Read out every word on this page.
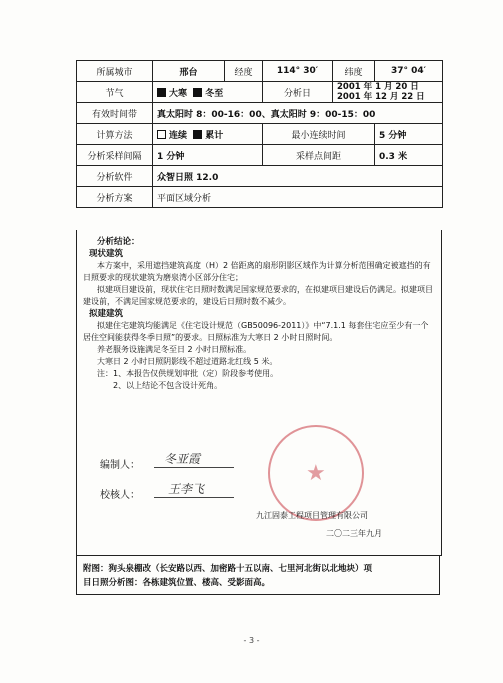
所属城市	邢台	经度	114° 30′	纬度	37° 04′
节气	大寒 冬至		分析日	2001 年 1 月 20 日
2001 年 12 月 22 日	

有效时间带	真太阳时 8：00-16：00、真太阳时 9：00-15：00				
计算方法	连续 累计		最小连续时间		5 分钟
分析采样间隔	1 分钟		采样点间距		0.3 米
分析软件	众智日照 12.0				
分析方案	平面区域分析				
分析结论：
现状建筑

本方案中，采用遮挡建筑高度（H）2 倍距离的扇形阴影区域作为计算分析范围确定被遮挡的有日照要求的现状建筑为磨泉湾小区部分住宅；

拟建项目建设前，现状住宅日照时数满足国家规范要求的，在拟建项目建设后仍满足。拟建项目建设前，不满足国家规范要求的，建设后日照时数不减少。

拟建建筑

拟建住宅建筑均能满足《住宅设计规范（GB50096-2011）》中“7.1.1 每套住宅应至少有一个居住空间能获得冬季日照”的要求。日照标准为大寒日 2 小时日照时间。

养老服务设施满足冬至日 2 小时日照标准。

大寒日 2 小时日照阴影线不超过道路北红线 5 米。

注：1、本报告仅供规划审批（定）阶段参考使用。

2、以上结论不包含设计死角。

编制人： 冬亚霞
校核人： 王李飞
★
九江固泰工程项目管理有限公司
二〇二三年九月
附图：狗头泉棚改（长安路以西、加密路十五以南、七里河北街以北地块）项
目日照分析图：各栋建筑位置、楼高、受影面高。
- 3 -
